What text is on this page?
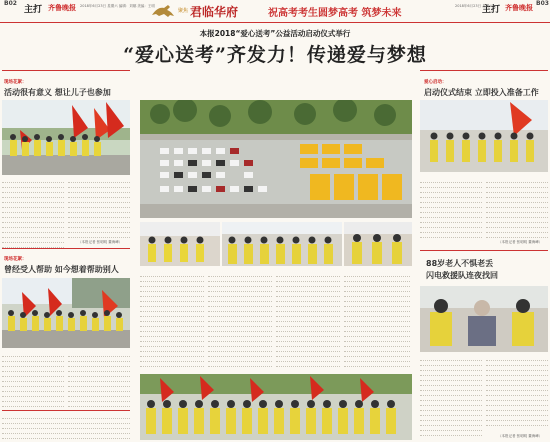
B02
主打 齐鲁晚报 2018年6月23日 星期六 编辑：刘娜 美编：王明
聚焦 君临华府	祝高考考生圆梦高考 筑梦未来
2018年6月23日 星期六
主打 齐鲁晚报
B03
本报2018“爱心送考”公益活动启动仪式举行
“爱心送考”齐发力！传递爱与梦想
现场花絮：
活动很有意义 想让儿子也参加
（本报记者 张明明 董海峰）
现场花絮：
曾经受人帮助 如今想着帮助别人
爱心启动：
启动仪式结束 立即投入准备工作
（本报记者 张明明 董海峰）
88岁老人不惧老丢
闪电救援队连夜找回
（本报记者 张明明 董海峰）
